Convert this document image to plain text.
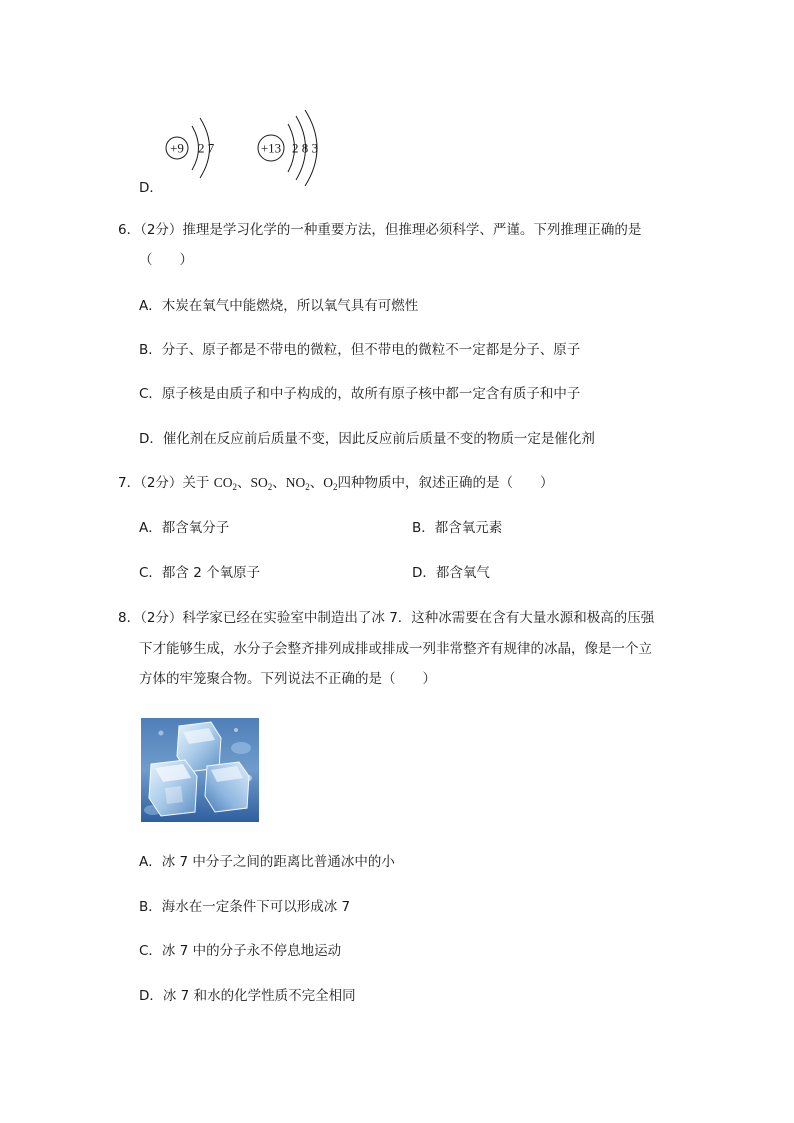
+9 2 7	+13 2 8 3
D．
6．（2分）推理是学习化学的一种重要方法，但推理必须科学、严谨。下列推理正确的是
（　　）
A．木炭在氧气中能燃烧，所以氧气具有可燃性
B．分子、原子都是不带电的微粒，但不带电的微粒不一定都是分子、原子
C．原子核是由质子和中子构成的，故所有原子核中都一定含有质子和中子
D．催化剂在反应前后质量不变，因此反应前后质量不变的物质一定是催化剂
7．（2分）关于 $CO_2$、$SO_2$、$NO_2$、$O_2$四种物质中，叙述正确的是（　　）
A．都含氧分子	B．都含氧元素
C．都含 2 个氧原子	D．都含氧气
8．（2分）科学家已经在实验室中制造出了冰 7．这种冰需要在含有大量水源和极高的压强
下才能够生成，水分子会整齐排列成排或排成一列非常整齐有规律的冰晶，像是一个立
方体的牢笼聚合物。下列说法不正确的是（　　）
A．冰 7 中分子之间的距离比普通冰中的小
B．海水在一定条件下可以形成冰 7
C．冰 7 中的分子永不停息地运动
D．冰 7 和水的化学性质不完全相同
